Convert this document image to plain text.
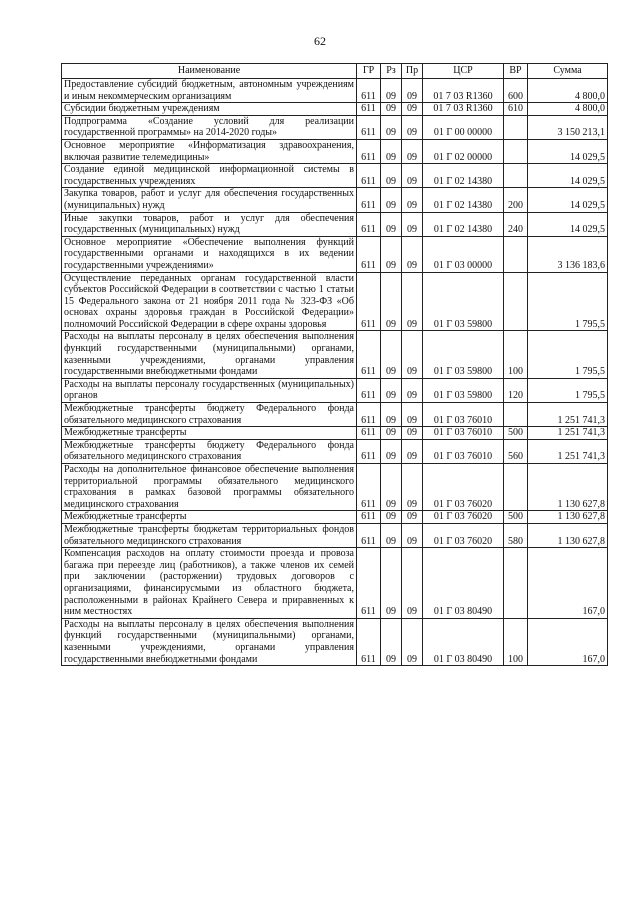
62
Наименование	ГР	Рз	Пр	ЦСР	ВР	Сумма
Предоставление субсидий бюджетным, автономным учреждениям и иным некоммерческим организациям	611	09	09	01 7 03 R1360	600	4 800,0
Субсидии бюджетным учреждениям	611	09	09	01 7 03 R1360	610	4 800,0
Подпрограмма «Создание условий для реализации государственной программы» на 2014-2020 годы»	611	09	09	01 Г 00 00000		3 150 213,1
Основное мероприятие «Информатизация здравоохранения, включая развитие телемедицины»	611	09	09	01 Г 02 00000		14 029,5
Создание единой медицинской информационной системы в государственных учреждениях	611	09	09	01 Г 02 14380		14 029,5
Закупка товаров, работ и услуг для обеспечения государственных (муниципальных) нужд	611	09	09	01 Г 02 14380	200	14 029,5
Иные закупки товаров, работ и услуг для обеспечения государственных (муниципальных) нужд	611	09	09	01 Г 02 14380	240	14 029,5
Основное мероприятие «Обеспечение выполнения функций государственными органами и находящихся в их ведении государственными учреждениями»	611	09	09	01 Г 03 00000		3 136 183,6
Осуществление переданных органам государственной власти субъектов Российской Федерации в соответствии с частью 1 статьи 15 Федерального закона от 21 ноября 2011 года № 323-ФЗ «Об основах охраны здоровья граждан в Российской Федерации» полномочий Российской Федерации в сфере охраны здоровья	611	09	09	01 Г 03 59800		1 795,5
Расходы на выплаты персоналу в целях обеспечения выполнения функций государственными (муниципальными) органами, казенными учреждениями, органами управления государственными внебюджетными фондами	611	09	09	01 Г 03 59800	100	1 795,5
Расходы на выплаты персоналу государственных (муниципальных) органов	611	09	09	01 Г 03 59800	120	1 795,5
Межбюджетные трансферты бюджету Федерального фонда обязательного медицинского страхования	611	09	09	01 Г 03 76010		1 251 741,3
Межбюджетные трансферты	611	09	09	01 Г 03 76010	500	1 251 741,3
Межбюджетные трансферты бюджету Федерального фонда обязательного медицинского страхования	611	09	09	01 Г 03 76010	560	1 251 741,3
Расходы на дополнительное финансовое обеспечение выполнения территориальной программы обязательного медицинского страхования в рамках базовой программы обязательного медицинского страхования	611	09	09	01 Г 03 76020		1 130 627,8
Межбюджетные трансферты	611	09	09	01 Г 03 76020	500	1 130 627,8
Межбюджетные трансферты бюджетам территориальных фондов обязательного медицинского страхования	611	09	09	01 Г 03 76020	580	1 130 627,8
Компенсация расходов на оплату стоимости проезда и провоза багажа при переезде лиц (работников), а также членов их семей при заключении (расторжении) трудовых договоров с организациями, финансирусмыми из областного бюджета, расположенными в районах Крайнего Севера и приравненных к ним местностях	611	09	09	01 Г 03 80490		167,0
Расходы на выплаты персоналу в целях обеспечения выполнения функций государственными (муниципальными) органами, казенными учреждениями, органами управления государственными внебюджетными фондами	611	09	09	01 Г 03 80490	100	167,0
